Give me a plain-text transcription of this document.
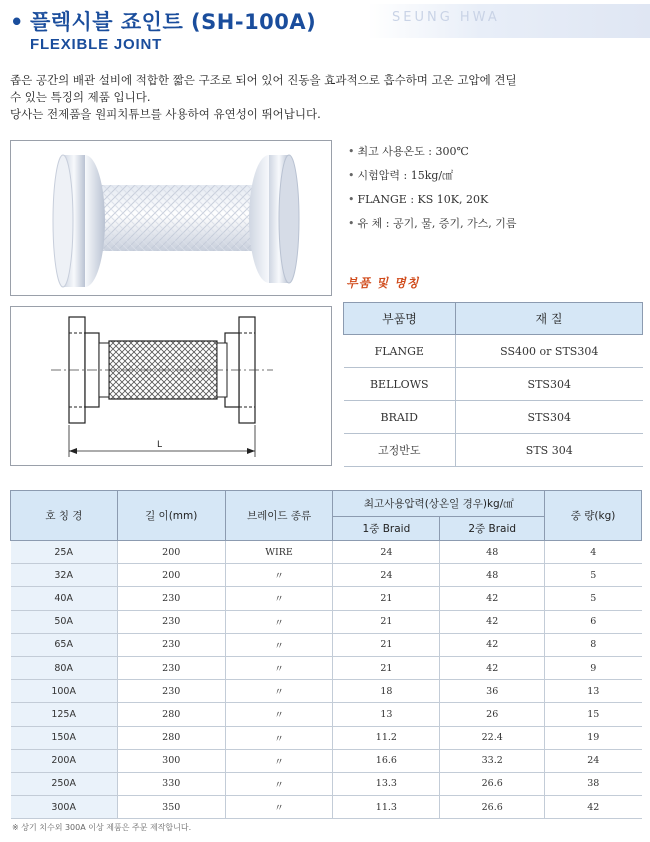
SEUNG HWA
• 플렉시블 죠인트 (SH-100A)
FLEXIBLE JOINT

좁은 공간의 배관 설비에 적합한 짧은 구조로 되어 있어 진동을 효과적으로 흡수하며 고온 고압에 견딜

수 있는 특징의 제품 입니다.

당사는 전제품을 원피치튜브를 사용하여 유연성이 뛰어납니다.

L
• 최고 사용온도 : 300℃
• 시험압력 : 15kg/㎠
• FLANGE : KS 10K, 20K
• 유 체 : 공기, 물, 증기, 가스, 기름
부품 및 명칭
부품명	재 질
FLANGE	SS400 or STS304
BELLOWS	STS304
BRAID	STS304
고정반도	STS 304
호 칭 경	길 이(mm)	브레이드 종류	최고사용압력(상온일 경우)kg/㎠		중 량(kg)
			1중 Braid	2중 Braid	
25A	200	WIRE	24	48	4
32A	200	〃	24	48	5
40A	230	〃	21	42	5
50A	230	〃	21	42	6
65A	230	〃	21	42	8
80A	230	〃	21	42	9
100A	230	〃	18	36	13
125A	280	〃	13	26	15
150A	280	〃	11.2	22.4	19
200A	300	〃	16.6	33.2	24
250A	330	〃	13.3	26.6	38
300A	350	〃	11.3	26.6	42
※ 상기 치수외 300A 이상 제품은 주문 제작합니다.
